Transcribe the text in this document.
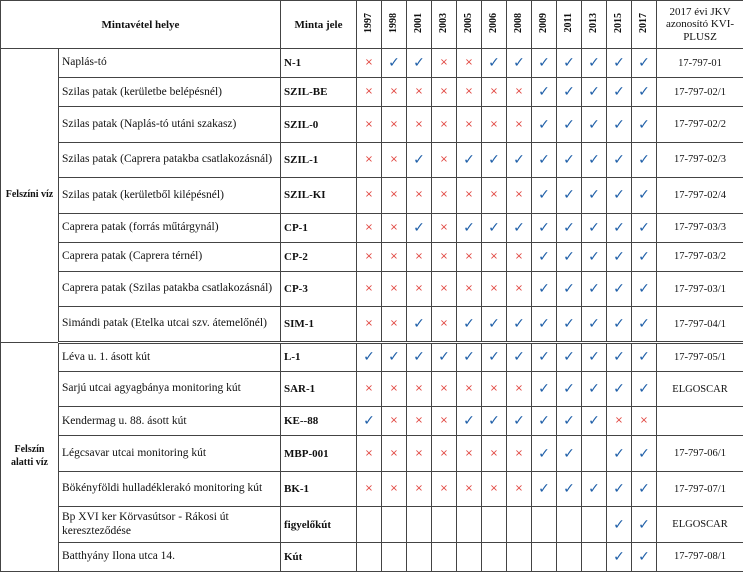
Mintavétel helye		Minta jele	1997	1998	2001	2003	2005	2006	2008	2009	2011	2013	2015	2017	2017 évi JKV azonosító KVI-PLUSZ
Felszíni víz	Naplás-tó	N-1	×	✓	✓	×	×	✓	✓	✓	✓	✓	✓	✓	17-797-01
	Szilas patak (kerületbe belépésnél)	SZIL-BE	×	×	×	×	×	×	×	✓	✓	✓	✓	✓	17-797-02/1
	Szilas patak (Naplás-tó utáni szakasz)	SZIL-0	×	×	×	×	×	×	×	✓	✓	✓	✓	✓	17-797-02/2
	Szilas patak (Caprera patakba csatlakozásnál)	SZIL-1	×	×	✓	×	✓	✓	✓	✓	✓	✓	✓	✓	17-797-02/3
	Szilas patak (kerületből kilépésnél)	SZIL-KI	×	×	×	×	×	×	×	✓	✓	✓	✓	✓	17-797-02/4
	Caprera patak (forrás műtárgynál)	CP-1	×	×	✓	×	✓	✓	✓	✓	✓	✓	✓	✓	17-797-03/3
	Caprera patak (Caprera térnél)	CP-2	×	×	×	×	×	×	×	✓	✓	✓	✓	✓	17-797-03/2
	Caprera patak (Szilas patakba csatlakozásnál)	CP-3	×	×	×	×	×	×	×	✓	✓	✓	✓	✓	17-797-03/1
	Simándi patak (Etelka utcai szv. átemelőnél)	SIM-1	×	×	✓	×	✓	✓	✓	✓	✓	✓	✓	✓	17-797-04/1
Felszín alatti víz	Léva u. 1. ásott kút	L-1	✓	✓	✓	✓	✓	✓	✓	✓	✓	✓	✓	✓	17-797-05/1
	Sarjú utcai agyagbánya monitoring kút	SAR-1	×	×	×	×	×	×	×	✓	✓	✓	✓	✓	ELGOSCAR
	Kendermag u. 88. ásott kút	KE--88	✓	×	×	×	✓	✓	✓	✓	✓	✓	×	×	
	Légcsavar utcai monitoring kút	MBP-001	×	×	×	×	×	×	×	✓	✓		✓	✓	17-797-06/1
	Bökényföldi hulladéklerakó monitoring kút	BK-1	×	×	×	×	×	×	×	✓	✓	✓	✓	✓	17-797-07/1
	Bp XVI ker Körvasútsor - Rákosi út kereszteződése	figyelőkút											✓	✓	ELGOSCAR
	Batthyány Ilona utca 14.	Kút											✓	✓	17-797-08/1
